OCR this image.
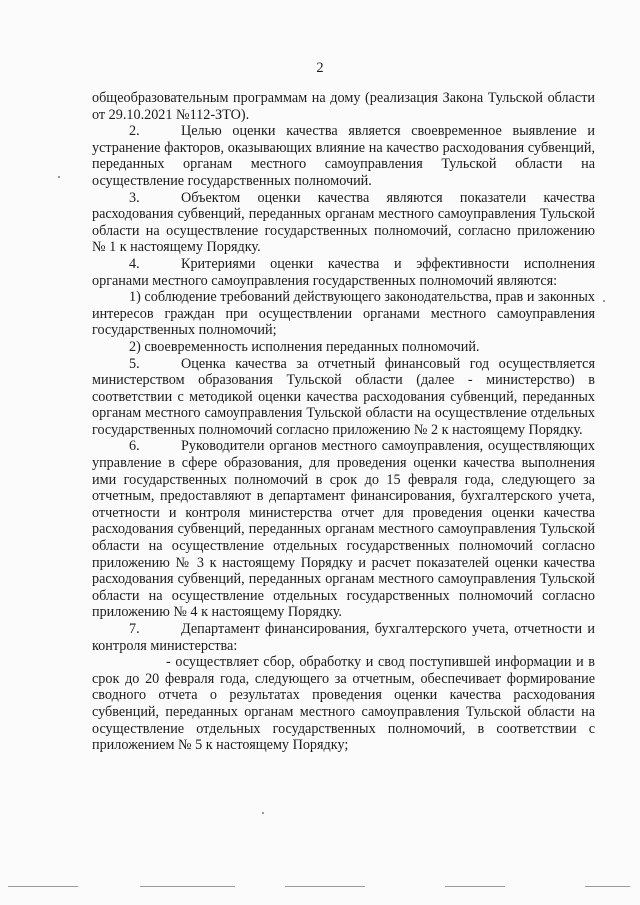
2

общеобразовательным программам на дому (реализация Закона Тульской области от 29.10.2021 №112-ЗТО).

2.	Целью оценки качества является своевременное выявление и устранение факторов, оказывающих влияние на качество расходования субвенций, переданных органам местного самоуправления Тульской области на осуществление государственных полномочий.

3.	Объектом оценки качества являются показатели качества расходования субвенций, переданных органам местного самоуправления Тульской области на осуществление государственных полномочий, согласно приложению № 1 к настоящему Порядку.

4.	Критериями оценки качества и эффективности исполнения органами местного самоуправления государственных полномочий являются:

1) соблюдение требований действующего законодательства, прав и законных интересов граждан при осуществлении органами местного самоуправления государственных полномочий;

2) своевременность исполнения переданных полномочий.

5.	Оценка качества за отчетный финансовый год осуществляется министерством образования Тульской области (далее - министерство) в соответствии с методикой оценки качества расходования субвенций, переданных органам местного самоуправления Тульской области на осуществление отдельных государственных полномочий согласно приложению № 2 к настоящему Порядку.

6.	Руководители органов местного самоуправления, осуществляющих управление в сфере образования, для проведения оценки качества выполнения ими государственных полномочий в срок до 15 февраля года, следующего за отчетным, предоставляют в департамент финансирования, бухгалтерского учета, отчетности и контроля министерства отчет для проведения оценки качества расходования субвенций, переданных органам местного самоуправления Тульской области на осуществление отдельных государственных полномочий согласно приложению № 3 к настоящему Порядку и расчет показателей оценки качества расходования субвенций, переданных органам местного самоуправления Тульской области на осуществление отдельных государственных полномочий согласно приложению № 4 к настоящему Порядку.

7.	Департамент финансирования, бухгалтерского учета, отчетности и контроля министерства:

- осуществляет сбор, обработку и свод поступившей информации и в срок до 20 февраля года, следующего за отчетным, обеспечивает формирование сводного отчета о результатах проведения оценки качества расходования субвенций, переданных органам местного самоуправления Тульской области на осуществление отдельных государственных полномочий, в соответствии с приложением № 5 к настоящему Порядку;
